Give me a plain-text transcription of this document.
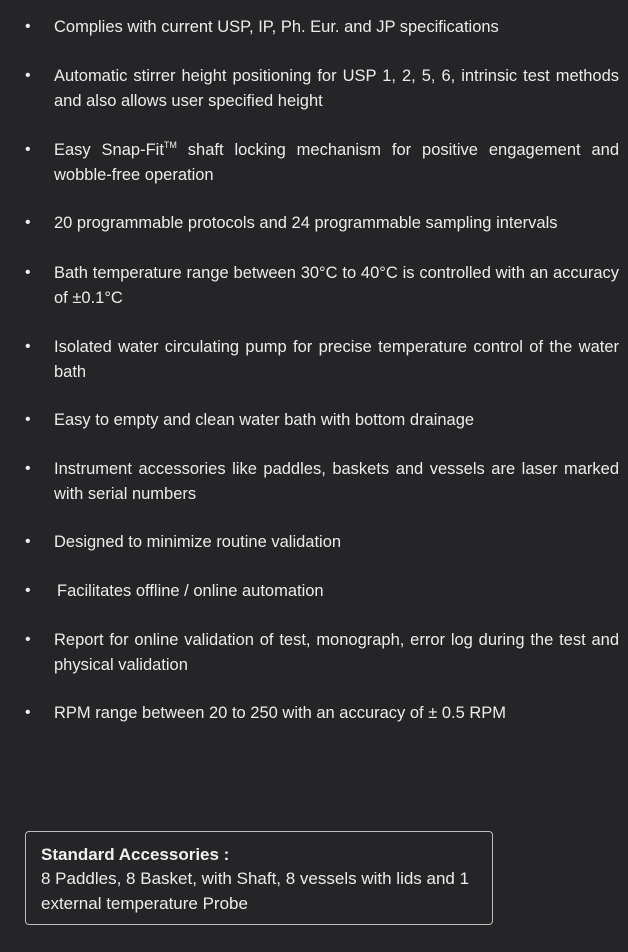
• Complies with current USP, IP, Ph. Eur. and JP specifications
• Automatic stirrer height positioning for USP 1, 2, 5, 6, intrinsic test methods and also allows user specified height
• Easy Snap-Fit™ shaft locking mechanism for positive engagement and wobble-free operation
• 20 programmable protocols and 24 programmable sampling intervals
• Bath temperature range between 30°C to 40°C is controlled with an accuracy of ±0.1°C
• Isolated water circulating pump for precise temperature control of the water bath
• Easy to empty and clean water bath with bottom drainage
• Instrument accessories like paddles, baskets and vessels are laser marked with serial numbers
• Designed to minimize routine validation
• Facilitates offline / online automation
• Report for online validation of test, monograph, error log during the test and physical validation
• RPM range between 20 to 250 with an accuracy of ± 0.5 RPM
Standard Accessories :
8 Paddles, 8 Basket, with Shaft, 8 vessels with lids and 1 external temperature Probe
